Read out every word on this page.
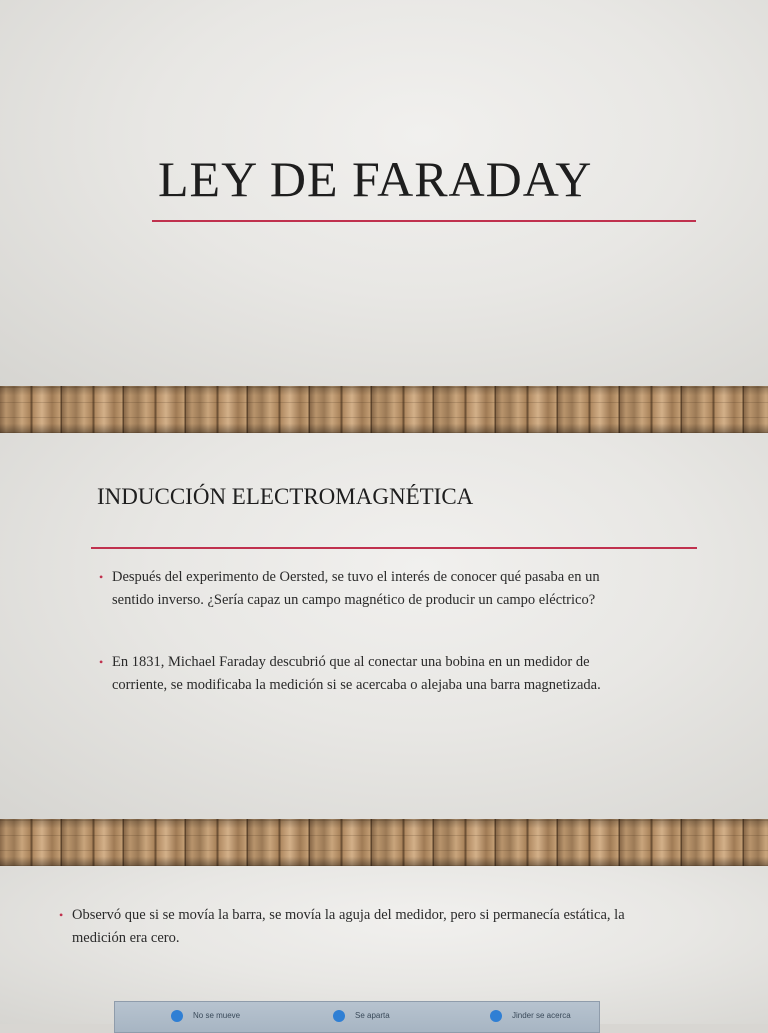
LEY DE FARADAY
INDUCCIÓN ELECTROMAGNÉTICA
• Después del experimento de Oersted, se tuvo el interés de conocer qué pasaba en un
sentido inverso. ¿Sería capaz un campo magnético de producir un campo eléctrico?
• En 1831, Michael Faraday descubrió que al conectar una bobina en un medidor de
corriente, se modificaba la medición si se acercaba o alejaba una barra magnetizada.
• Observó que si se movía la barra, se movía la aguja del medidor, pero si permanecía estática, la
medición era cero.
No se mueve	Se aparta	Jinder se acerca
